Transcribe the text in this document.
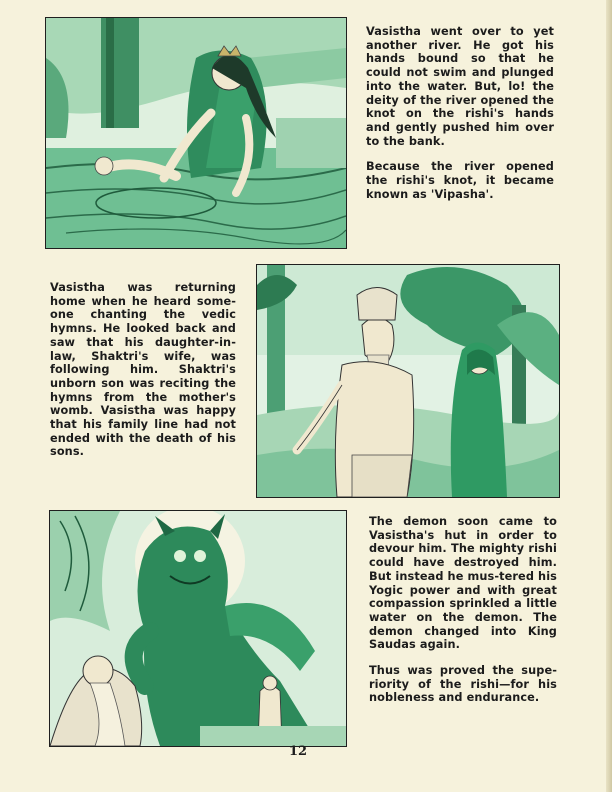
Vasistha went over to yet another river. He got his hands bound so that he could not swim and plunged into the water. But, lo! the deity of the river opened the knot on the rishi's hands and gently pushed him over to the bank.

Because the river opened the rishi's knot, it became known as 'Vipasha'.

Vasistha was returning home when he heard some-one chanting the vedic hymns. He looked back and saw that his daughter-in-law, Shaktri's wife, was following him. Shaktri's unborn son was reciting the hymns from the mother's womb. Vasistha was happy that his family line had not ended with the death of his sons.

The demon soon came to Vasistha's hut in order to devour him. The mighty rishi could have destroyed him. But instead he mus-tered his Yogic power and with great compassion sprinkled a little water on the demon. The demon changed into King Saudas again.

Thus was proved the supe-riority of the rishi—for his nobleness and endurance.

12
